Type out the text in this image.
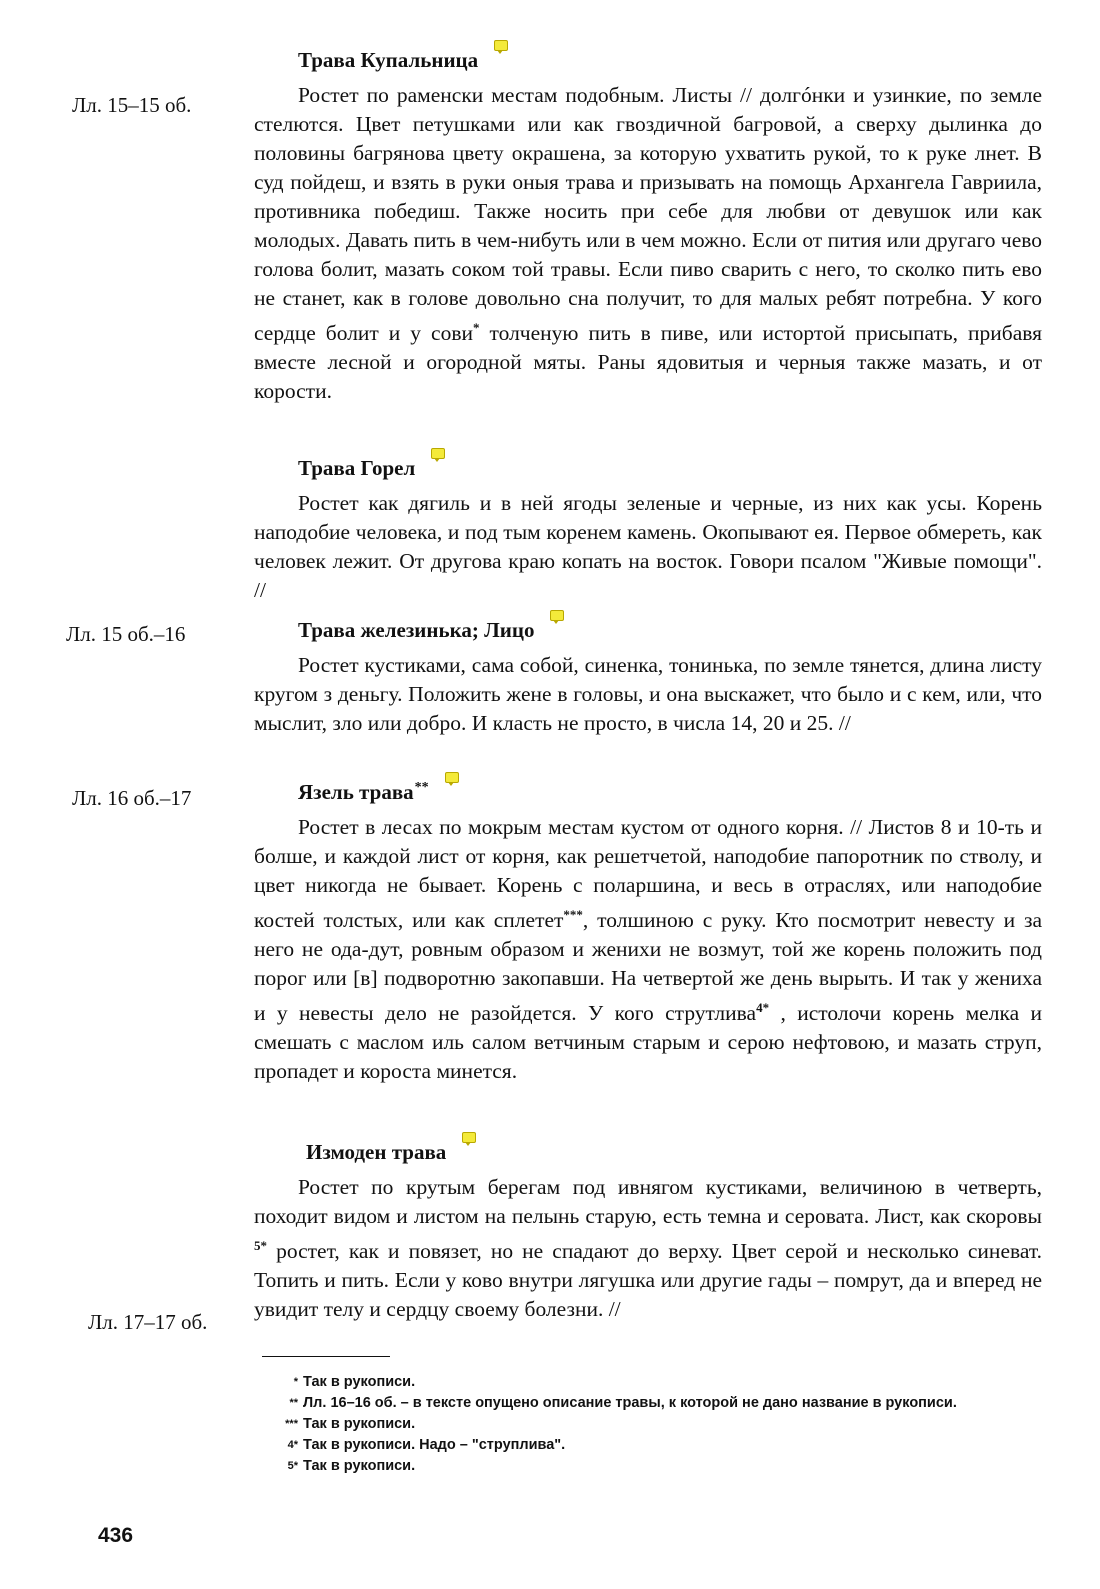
Лл. 15–15 об.
Лл. 15 об.–16
Лл. 16 об.–17
Лл. 17–17 об.
Трава Купальница

Ростет по раменски местам подобным. Листы // долгóнки и узинкие, по земле стелются. Цвет петушками или как гвоздичной багровой, а сверху дылинка до половины багрянова цвету окрашена, за которую ухватить рукой, то к руке лнет. В суд пойдеш, и взять в руки оныя трава и призывать на помощь Архангела Гавриила, противника победиш. Также носить при себе для любви от девушок или как молодых. Давать пить в чем-нибуть или в чем можно. Если от пития или другаго чево голова болит, мазать соком той травы. Если пиво сварить с него, то сколко пить ево не станет, как в голове довольно сна получит, то для малых ребят потребна. У кого сердце болит и у сови* толченую пить в пиве, или истортой присыпать, прибавя вместе лесной и огородной мяты. Раны ядовитыя и черныя также мазать, и от корости.

Трава Горел

Ростет как дягиль и в ней ягоды зеленые и черные, из них как усы. Корень наподобие человека, и под тым коренем камень. Окопывают ея. Первое обмереть, как человек лежит. От другова краю копать на восток. Говори псалом "Живые помощи". //

Трава железинька; Лицо

Ростет кустиками, сама собой, синенка, тонинька, по земле тянется, длина листу кругом з деньгу. Положить жене в головы, и она выскажет, что было и с кем, или, что мыслит, зло или добро. И класть не просто, в числа 14, 20 и 25. //

Язель трава**

Ростет в лесах по мокрым местам кустом от одного корня. // Листов 8 и 10-ть и болше, и каждой лист от корня, как решетчетой, наподобие папоротник по стволу, и цвет никогда не бывает. Корень с поларшина, и весь в отраслях, или наподобие костей толстых, или как сплетет***, толшиною с руку. Кто посмотрит невесту и за него не ода-дут, ровным образом и женихи не возмут, той же корень положить под порог или [в] подворотню закопавши. На четвертой же день вырыть. И так у жениха и у невесты дело не разойдется. У кого струтлива$^{4*}$ , истолочи корень мелка и смешать с маслом иль салом ветчиным старым и серою нефтовою, и мазать струп, пропадет и короста минется.

Измоден трава

Ростет по крутым берегам под ивнягом кустиками, величиною в четверть, походит видом и листом на пелынь старую, есть темна и серовата. Лист, как скоровы $^{5*}$ ростет, как и повязет, но не спадают до верху. Цвет серой и несколько синеват. Топить и пить. Если у ково внутри лягушка или другие гады – помрут, да и вперед не увидит телу и сердцу своему болезни. //

* Так в рукописи.
** Лл. 16–16 об. – в тексте опущено описание травы, к которой не дано название в рукописи.
*** Так в рукописи.
4* Так в рукописи. Надо – "струплива".
5* Так в рукописи.
436
